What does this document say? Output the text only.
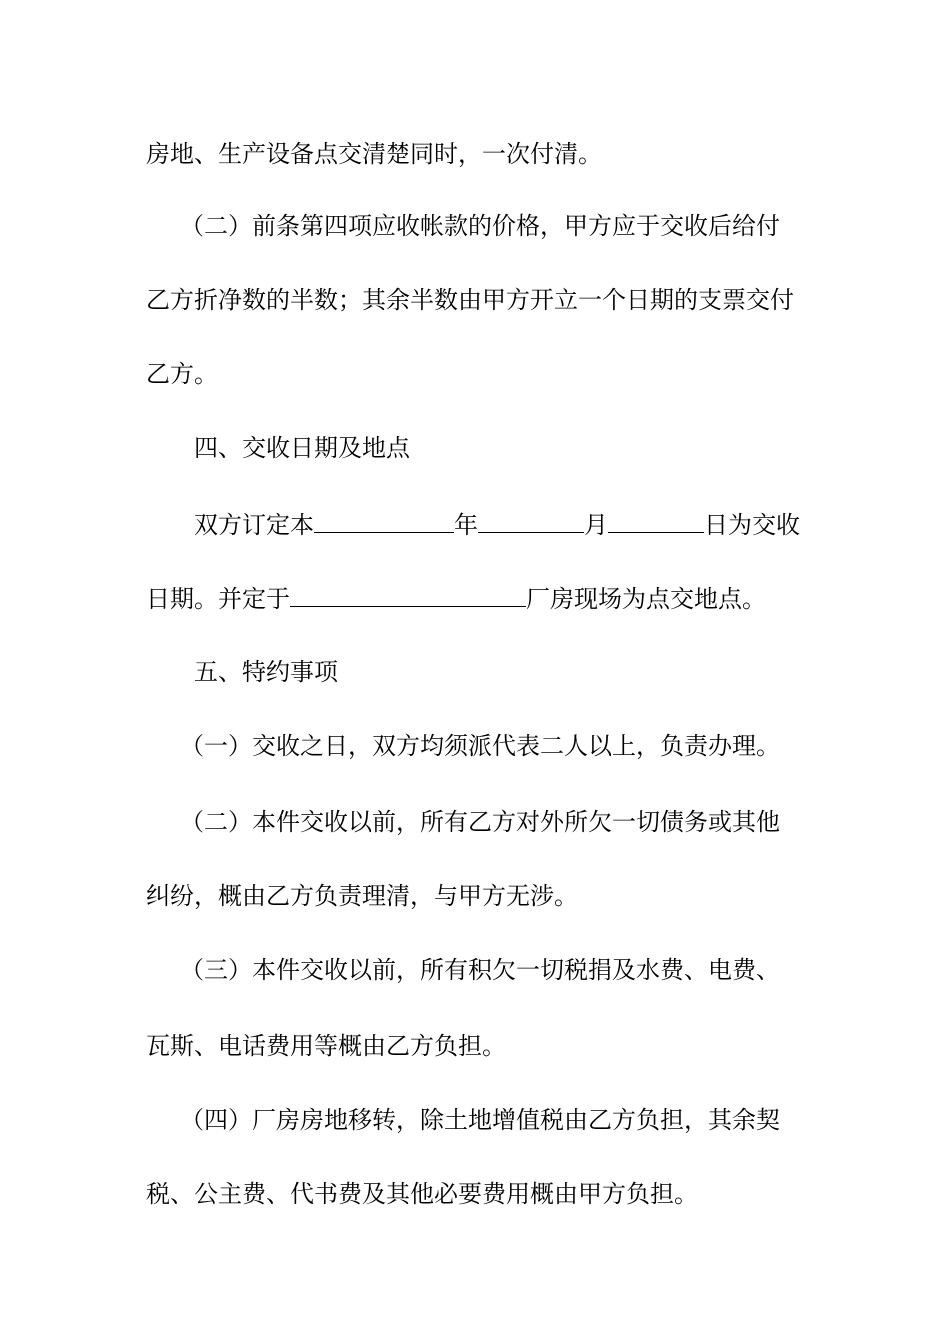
房地、生产设备点交清楚同时，一次付清。
（二）前条第四项应收帐款的价格，甲方应于交收后给付
乙方折净数的半数；其余半数由甲方开立一个日期的支票交付
乙方。
四、交收日期及地点
双方订定本	年	月	日为交收
日期。并定于	厂房现场为点交地点。
五、特约事项
（一）交收之日，双方均须派代表二人以上，负责办理。
（二）本件交收以前，所有乙方对外所欠一切债务或其他
纠纷，概由乙方负责理清，与甲方无涉。
（三）本件交收以前，所有积欠一切税捐及水费、电费、
瓦斯、电话费用等概由乙方负担。
（四）厂房房地移转，除土地增值税由乙方负担，其余契
税、公主费、代书费及其他必要费用概由甲方负担。
